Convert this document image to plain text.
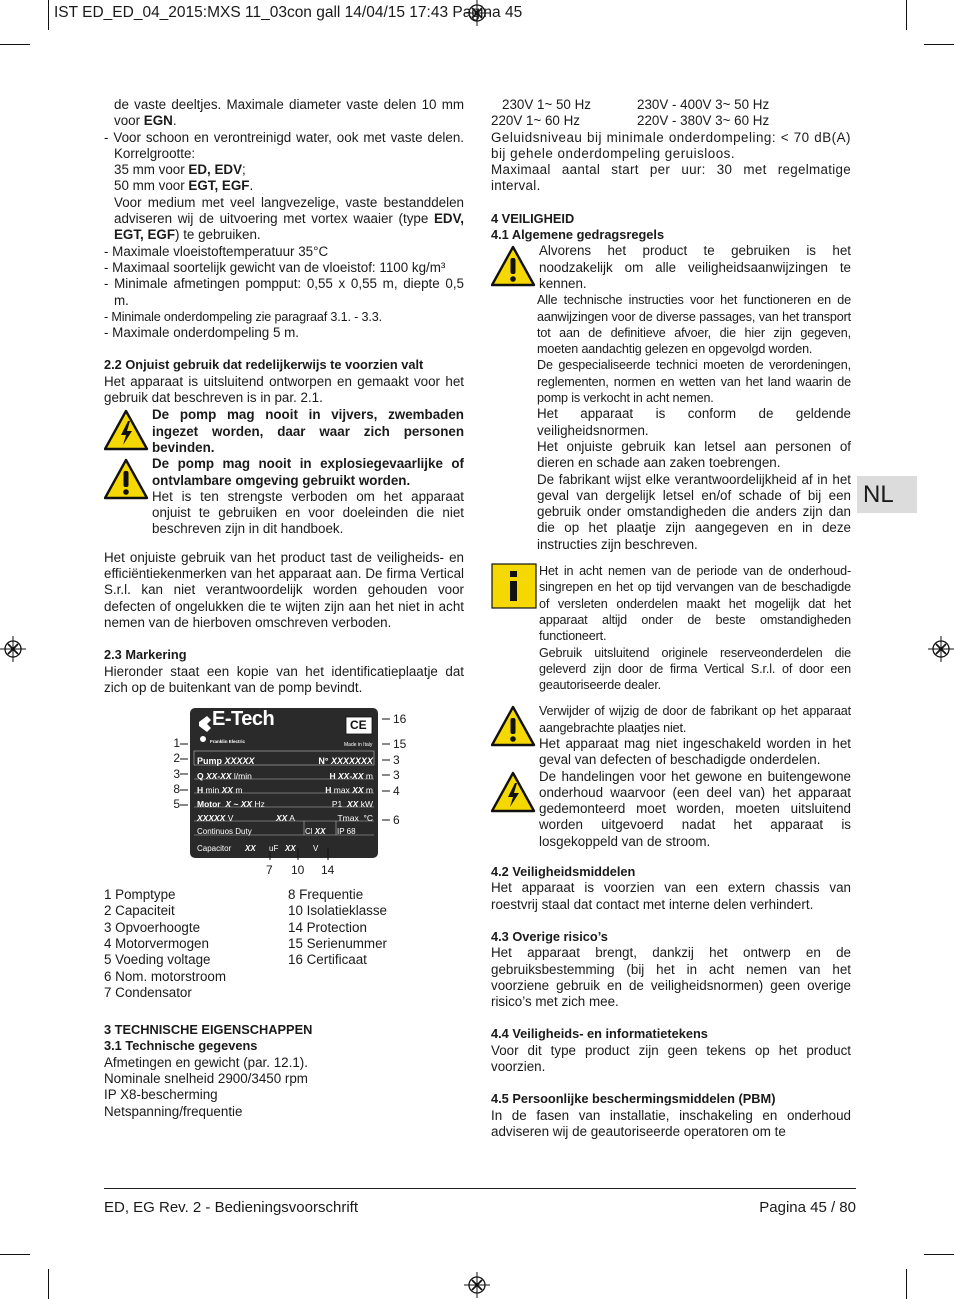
IST ED_ED_04_2015:MXS 11_03con gall 14/04/15 17:43 Pagina 45
NL

de vaste deeltjes. Maximale diameter vaste delen 10 mm voor EGN.

- Voor schoon en verontreinigd water, ook met vaste delen. Korrelgrootte:

35 mm voor ED, EDV;

50 mm voor EGT, EGF.

Voor medium met veel langvezelige, vaste bestanddelen adviseren wij de uitvoering met vortex waaier (type EDV, EGT, EGF) te gebruiken.

- Maximale vloeistoftemperatuur 35°C

- Maximaal soortelijk gewicht van de vloeistof: 1100 kg/m³

- Minimale afmetingen pompput: 0,55 x 0,55 m, diepte 0,5 m.

- Minimale onderdompeling zie paragraaf 3.1. - 3.3.

- Maximale onderdompeling 5 m.

2.2 Onjuist gebruik dat redelijkerwijs te voorzien valt

Het apparaat is uitsluitend ontworpen en gemaakt voor het gebruik dat beschreven is in par. 2.1.

De pomp mag nooit in vijvers, zwembaden ingezet worden, daar waar zich personen bevinden.

De pomp mag nooit in explosiegevaarlijke of ontvlambare omgeving gebruikt worden.

Het is ten strengste verboden om het apparaat onjuist te gebruiken en voor doeleinden die niet beschreven zijn in dit handboek.

Het onjuiste gebruik van het product tast de veiligheids- en efficiëntiekenmerken van het apparaat aan. De firma Vertical S.r.l. kan niet verantwoordelijk worden gehouden voor defecten of ongelukken die te wijten zijn aan het niet in acht nemen van de hierboven omschreven verboden.

2.3 Markering

Hieronder staat een kopie van het identificatieplaatje dat zich op de buitenkant van de pomp bevindt.

E-Tech
Franklin Electric
CE
Made in Italy
Pump XXXXX	N° XXXXXXX
Q XX-XX l/min	H XX-XX m
H min XX m	H max XX m
Motor X ~ XX Hz	P1 XX kW
XXXXX V	XX A	Tmax °C
Continuos Duty	Cl XX	IP 68
Capacitor	XX	uF XX	V
1
2
3
8
5
16
15
3
3
4
6
7 10 14

1 Pomptype

2 Capaciteit

3 Opvoerhoogte

4 Motorvermogen

5 Voeding voltage

6 Nom. motorstroom

7 Condensator

8 Frequentie

10 Isolatieklasse

14 Protection

15 Serienummer

16 Certificaat

3 TECHNISCHE EIGENSCHAPPEN

3.1 Technische gegevens

Afmetingen en gewicht (par. 12.1).

Nominale snelheid 2900/3450 rpm

IP X8-bescherming

Netspanning/frequentie

230V 1~ 50 Hz	230V - 400V 3~ 50 Hz
220V 1~ 60 Hz	220V - 380V 3~ 60 Hz

Geluidsniveau bij minimale onderdompeling: < 70 dB(A) bij gehele onderdompeling geruisloos.

Maximaal aantal start per uur: 30 met regelmatige interval.

4 VEILIGHEID

4.1 Algemene gedragsregels

Alvorens het product te gebruiken is het noodzakelijk om alle veiligheidsaanwijzingen te kennen.

Alle technische instructies voor het functioneren en de aanwijzingen voor de diverse passages, van het transport tot aan de definitieve afvoer, die hier zijn gegeven, moeten aandachtig gelezen en opgevolgd worden.

De gespecialiseerde technici moeten de verordeningen, reglementen, normen en wetten van het land waarin de pomp is verkocht in acht nemen.

Het apparaat is conform de geldende veiligheidsnormen.

Het onjuiste gebruik kan letsel aan personen of dieren en schade aan zaken toebrengen.

De fabrikant wijst elke verantwoordelijkheid af in het geval van dergelijk letsel en/of schade of bij een gebruik onder omstandigheden die anders zijn dan die op het plaatje zijn aangegeven en in deze instructies zijn beschreven.

Het in acht nemen van de periode van de onderhoud-singrepen en het op tijd vervangen van de beschadigde of versleten onderdelen maakt het mogelijk dat het apparaat altijd onder de beste omstandigheden functioneert.

Gebruik uitsluitend originele reserveonderdelen die geleverd zijn door de firma Vertical S.r.l. of door een geautoriseerde dealer.

Verwijder of wijzig de door de fabrikant op het apparaat aangebrachte plaatjes niet.

Het apparaat mag niet ingeschakeld worden in het geval van defecten of beschadigde onderdelen.

De handelingen voor het gewone en buitengewone onderhoud waarvoor (een deel van) het apparaat gedemonteerd moet worden, moeten uitsluitend worden uitgevoerd nadat het apparaat is losgekoppeld van de stroom.

4.2 Veiligheidsmiddelen

Het apparaat is voorzien van een extern chassis van roestvrij staal dat contact met interne delen verhindert.

4.3 Overige risico’s

Het apparaat brengt, dankzij het ontwerp en de gebruiksbestemming (bij het in acht nemen van het voorziene gebruik en de veiligheidsnormen) geen overige risico’s met zich mee.

4.4 Veiligheids- en informatietekens

Voor dit type product zijn geen tekens op het product voorzien.

4.5 Persoonlijke beschermingsmiddelen (PBM)

In de fasen van installatie, inschakeling en onderhoud adviseren wij de geautoriseerde operatoren om te

ED, EG Rev. 2 - Bedieningsvoorschrift	Pagina 45 / 80
